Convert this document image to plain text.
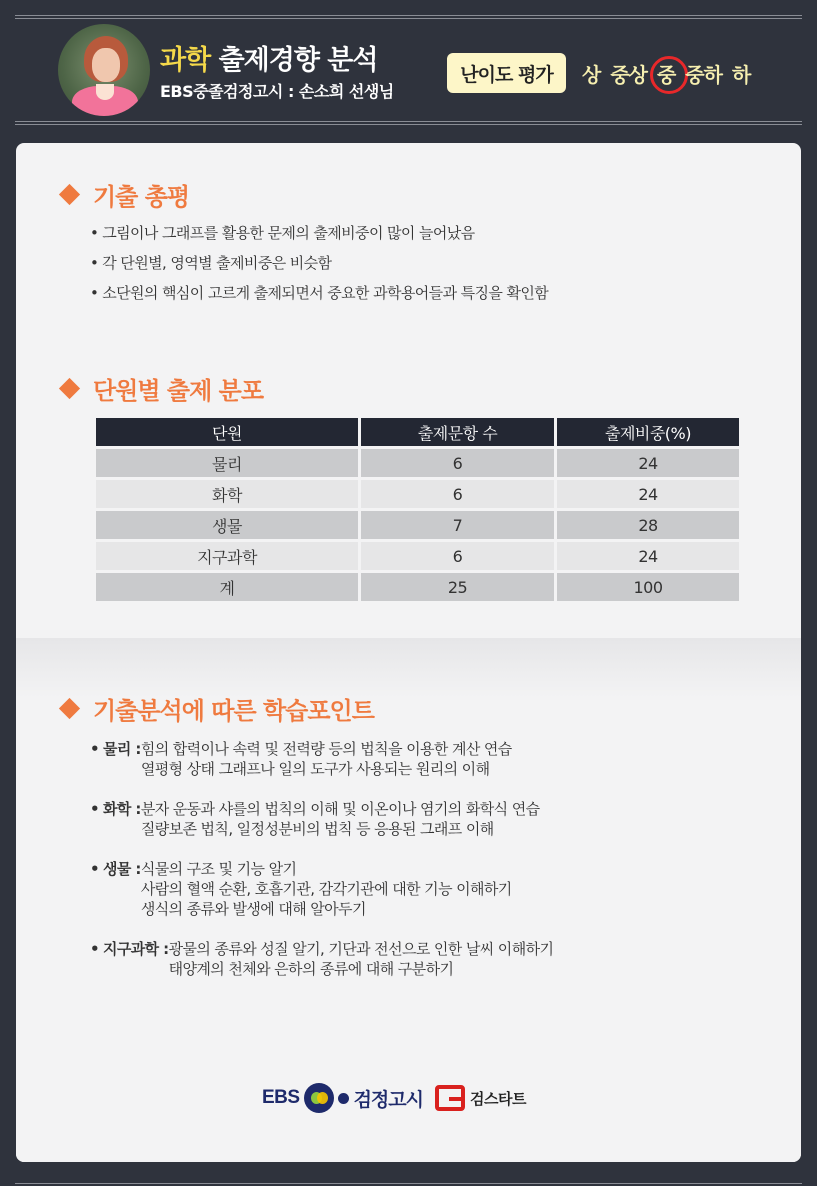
과학 출제경향 분석
EBS중졸검정고시 : 손소희 선생님
난이도 평가	상 중상 중 중하 하
기출 총평
• 그림이나 그래프를 활용한 문제의 출제비중이 많이 늘어났음
• 각 단원별, 영역별 출제비중은 비슷함
• 소단원의 핵심이 고르게 출제되면서 중요한 과학용어들과 특징을 확인함
단원별 출제 분포
단원	출제문항 수	출제비중(%)
물리	6	24
화학	6	24
생물	7	28
지구과학	6	24
계	25	100
기출분석에 따른 학습포인트
• 물리 : 힘의 합력이나 속력 및 전력량 등의 법칙을 이용한 계산 연습
열평형 상태 그래프나 일의 도구가 사용되는 원리의 이해
• 화학 : 분자 운동과 샤를의 법칙의 이해 및 이온이나 염기의 화학식 연습
질량보존 법칙, 일정성분비의 법칙 등 응용된 그래프 이해
• 생물 : 식물의 구조 및 기능 알기
사람의 혈액 순환, 호흡기관, 감각기관에 대한 기능 이해하기
생식의 종류와 발생에 대해 알아두기
• 지구과학 : 광물의 종류와 성질 알기, 기단과 전선으로 인한 날씨 이해하기
태양계의 천체와 은하의 종류에 대해 구분하기
EBS	검정고시	검스타트
